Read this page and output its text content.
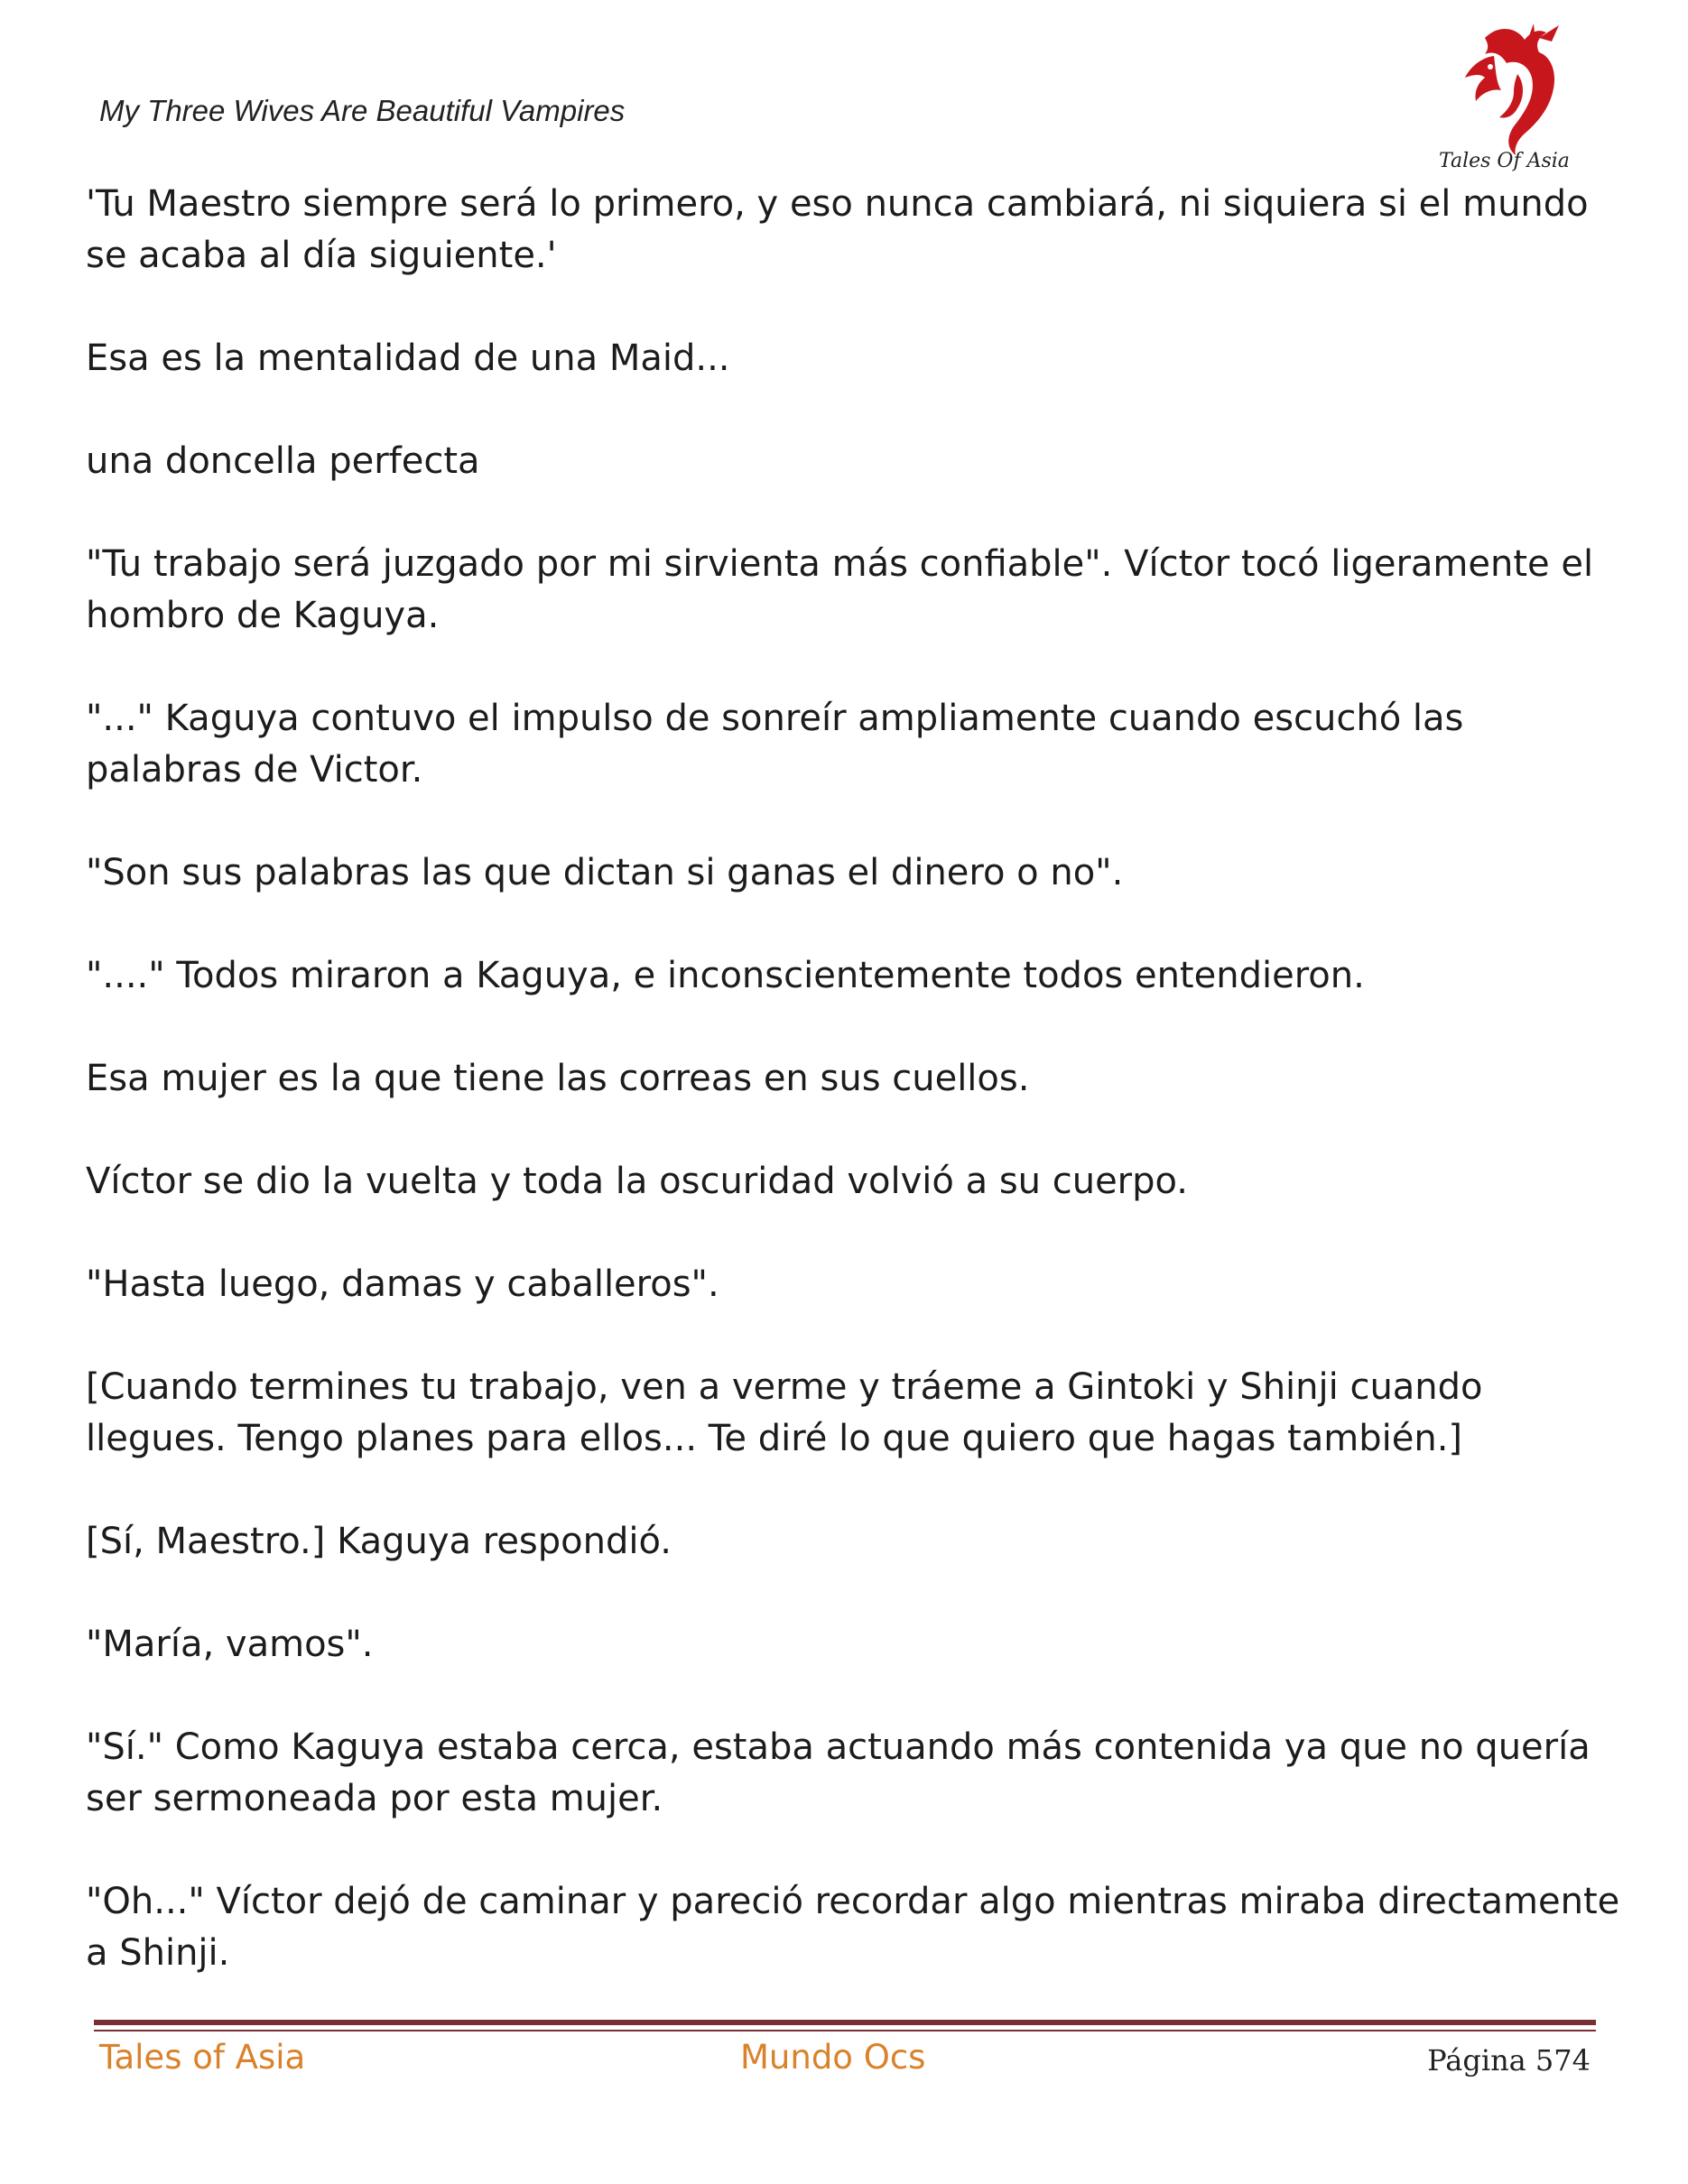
My Three Wives Are Beautiful Vampires
Tales Of Asia

'Tu Maestro siempre será lo primero, y eso nunca cambiará, ni siquiera si el mundo se acaba al día siguiente.'

Esa es la mentalidad de una Maid...

una doncella perfecta

"Tu trabajo será juzgado por mi sirvienta más confiable". Víctor tocó ligeramente el hombro de Kaguya.

"..." Kaguya contuvo el impulso de sonreír ampliamente cuando escuchó las palabras de Victor.

"Son sus palabras las que dictan si ganas el dinero o no".

"...." Todos miraron a Kaguya, e inconscientemente todos entendieron.

Esa mujer es la que tiene las correas en sus cuellos.

Víctor se dio la vuelta y toda la oscuridad volvió a su cuerpo.

"Hasta luego, damas y caballeros".

[Cuando termines tu trabajo, ven a verme y tráeme a Gintoki y Shinji cuando llegues. Tengo planes para ellos... Te diré lo que quiero que hagas también.]

[Sí, Maestro.] Kaguya respondió.

"María, vamos".

"Sí." Como Kaguya estaba cerca, estaba actuando más contenida ya que no quería ser sermoneada por esta mujer.

"Oh..." Víctor dejó de caminar y pareció recordar algo mientras miraba directamente a Shinji.

Tales of Asia	Mundo Ocs	Página 574
